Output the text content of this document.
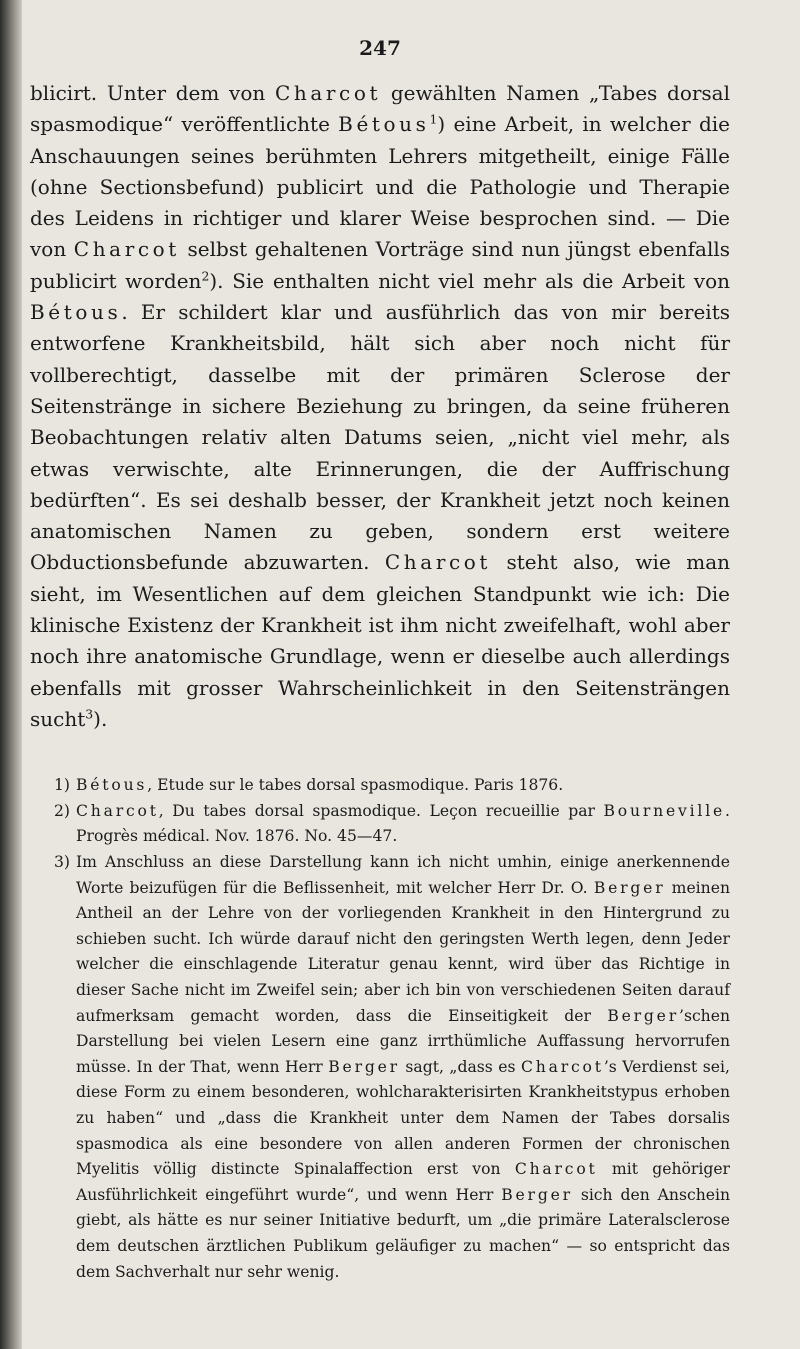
247

blicirt. Unter dem von Charcot gewählten Namen „Tabes dorsal spasmodique“ veröffentlichte Bétous$^1$) eine Arbeit, in welcher die Anschauungen seines berühmten Lehrers mitgetheilt, einige Fälle (ohne Sectionsbefund) publicirt und die Pathologie und Therapie des Leidens in richtiger und klarer Weise besprochen sind. — Die von Charcot selbst gehaltenen Vorträge sind nun jüngst ebenfalls publicirt worden$^2$). Sie enthalten nicht viel mehr als die Arbeit von Bétous. Er schildert klar und ausführlich das von mir bereits entworfene Krankheitsbild, hält sich aber noch nicht für vollberechtigt, dasselbe mit der primären Sclerose der Seitenstränge in sichere Beziehung zu bringen, da seine früheren Beobachtungen relativ alten Datums seien, „nicht viel mehr, als etwas verwischte, alte Erinnerungen, die der Auffrischung bedürften“. Es sei deshalb besser, der Krankheit jetzt noch keinen anatomischen Namen zu geben, sondern erst weitere Obductionsbefunde abzuwarten. Charcot steht also, wie man sieht, im Wesentlichen auf dem gleichen Standpunkt wie ich: Die klinische Existenz der Krankheit ist ihm nicht zweifelhaft, wohl aber noch ihre anatomische Grundlage, wenn er dieselbe auch allerdings ebenfalls mit grosser Wahrscheinlichkeit in den Seitensträngen sucht$^3$).

1) Bétous, Etude sur le tabes dorsal spasmodique. Paris 1876.
2) Charcot, Du tabes dorsal spasmodique. Leçon recueillie par Bourneville. Progrès médical. Nov. 1876. No. 45—47.
3) Im Anschluss an diese Darstellung kann ich nicht umhin, einige anerkennende Worte beizufügen für die Beflissenheit, mit welcher Herr Dr. O. Berger meinen Antheil an der Lehre von der vorliegenden Krankheit in den Hintergrund zu schieben sucht. Ich würde darauf nicht den geringsten Werth legen, denn Jeder welcher die einschlagende Literatur genau kennt, wird über das Richtige in dieser Sache nicht im Zweifel sein; aber ich bin von verschiedenen Seiten darauf aufmerksam gemacht worden, dass die Einseitigkeit der Berger’schen Darstellung bei vielen Lesern eine ganz irrthümliche Auffassung hervorrufen müsse. In der That, wenn Herr Berger sagt, „dass es Charcot’s Verdienst sei, diese Form zu einem besonderen, wohlcharakterisirten Krankheitstypus erhoben zu haben“ und „dass die Krankheit unter dem Namen der Tabes dorsalis spasmodica als eine besondere von allen anderen Formen der chronischen Myelitis völlig distincte Spinalaffection erst von Charcot mit gehöriger Ausführlichkeit eingeführt wurde“, und wenn Herr Berger sich den Anschein giebt, als hätte es nur seiner Initiative bedurft, um „die primäre Lateralsclerose dem deutschen ärztlichen Publikum geläufiger zu machen“ — so entspricht das dem Sachverhalt nur sehr wenig.
